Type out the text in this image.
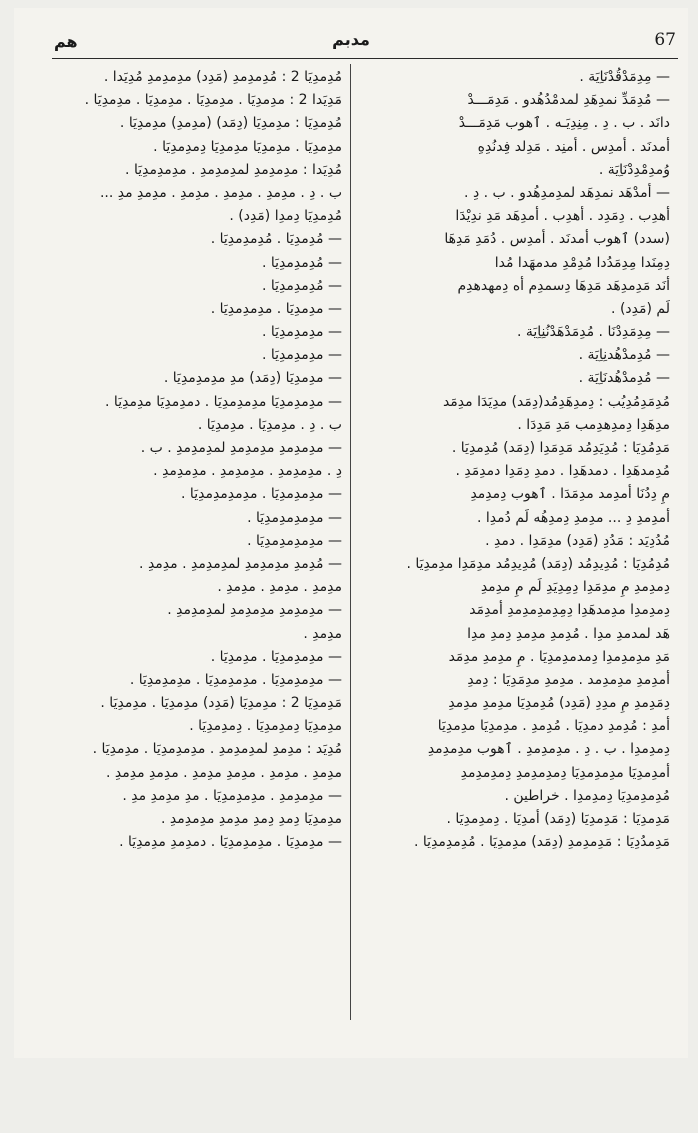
هم	مدبم	67
— مِدِمَدْقُدْنَاِيَة .
— مُدِمَدِّ نمدِهَدِ لمدمْدُهُدو . مَدِمَـــدْ
دانَد . ب . دِ . مِنِدِيَـه . ٱهوب مَدِمَـــدْ
أمدنَد . أمدِس . أمنِد . مَدِلد فِدنُدِهِ
وُمدِمْدِدْنَاِيَة .
— أمدْهَد نمدِهَد لمدِمدِهُدو . ب . دِ .
أهدِب . دِمَدِد . أهدِب . أمدِهَد مَدِ ندِيْدَا
(سدد) ٱهوب أمدنَد . أمدِس . دُمَدِ مَدِهَا
دِمِنَدا مِدِمَدُدا مُدِمْدِ مدمهَدا مُدا
أنَد مَدِمدِهَد مَدِهَا دِسمدِم أه دِمهدهدِم
لَم (مَدِد) .
— مِدِمَدِدْنَا . مُدِمَدْهَدْنُنِاِيَة .
— مُدِمدْهُدنِاِيَة .
— مُدِمدْهُدنَاِيَة .
مُدِمَدِمُدِيُب : دِمدِهَدِمُد(دِمَد) مدِيَدَا مدِمَد
مدِهَدِا دِمدِهدِمب مَدِ مَدِدَا .
مَدِمُدِيَا : مُدِيَدِمُد مَدِمَدِا (دِمَد) مُدِمدِيَا .
مُدِمدهَدِا . دمدهَدِا . دمدِ دِمَدِا دمدِمَدِ .
مِ دِدُنَا أمدِمد مدِمَدَا . ٱهوب دِمدِمدِ
أمدِمدِ دِ ... مدِمدِ دِمدِهُه لَم دُمدِا .
مُدُدِيَد : مَدُدِ (مَدِد) مدِمَدِا . دمدِ .
مُدِمُدِيَا : مُدِيدِمُد (دِمَد) مُدِيدِمُد مدِمَدِا مدِمدِيَا .
دِمدِمدِ مِ مدِمَدِا دِمِدِيَدِ لَم مِ مدِمدِ
دِمدِمدِا مدِمدهَدِا دِمِدِمدِمدِمدِ أمدِمَد
هَد لمدمدِ مدِا . مُدِمدِ مدِمدِ دِمدِ مدِا
مَدِ مدِمدِمدِا دِمدمدِمدِيَا . مِ مدِمدِ مدِمَد
أمدِمدِ مدِمدِمد . مدِمدِ مدِمَدِيَا : دِمدِ
دِمَدِمدِ مِ مدِدِ (مَدِد) مُدِمدِيَا مدِمدِ مدِمدِ
أمدِ : مُدِمدِ دمدِيَا . مُدِمدِ . مدِمدِيَا مدِمدِيَا
دِمدِمدِا . ب . دِ . مدِمدِمدِ . ٱهوب مدِمدِمدِ
أمدِمدِيَا مدِمدِمدِيَا دِمدِمدِمدِ دِمدِمدِمدِ
مُدِمدِمدِيَا دِمدِمدِا . خراطين .
مَدِمدِيَا : مَدِمدِيَا (دِمَد) أمدِيَا . دِمدِمدِيَا .
مَدِمدُدِيَا : مَدِمدِمدِ (دِمَد) مدِمدِيَا . مُدِمدِمدِيَا .
مُدِمدِيَا 2 : مُدِمدِمدِ (مَدِد) مدِمدِمدِ مُدِيَدا .
مَدِيَدا 2 : مدِمدِيَا . مدِمدِيَا . مدِمدِيَا . مدِمدِيَا .
مُدِمدِيَا : مدِمدِيَا (دِمَد) (مدِمدِ) مدِمدِيَا .
مدِمدِيَا . مدِمدِيَا مدِمدِيَا دِمدِمدِيَا .
مُدِيَدا : مدِمدِمدِ لمدِمدِمدِ . مدِمدِمدِيَا .
ب . دِ . مدِمدِ . مدِمدِ . مدِمدِ . مدِمدِ مدِ ...
مُدِمدِيَا دِمدِا (مَدِد) .
— مُدِمدِيَا . مُدِمدِمدِيَا .
— مُدِمدِمدِيَا .
— مُدِمدِمدِيَا .
— مدِمدِيَا . مدِمدِمدِيَا .
— مدِمدِمدِيَا .
— مدِمدِمدِيَا .
— مدِمدِيَا (دِمَد) مدِ مدِمدِمدِيَا .
— مدِمدِمدِيَا مدِمدِمدِيَا . دمدِمدِيَا مدِمدِيَا .
ب . دِ . مدِمدِيَا . مدِمدِيَا .
— مدِمدِمدِ مدِمدِمدِ لمدِمدِمدِ . ب .
دِ . مدِمدِمدِ . مدِمدِمدِ . مدِمدِمدِ .
— مدِمدِمدِيَا . مدِمدِمدِمدِيَا .
— مدِمدِمدِمدِيَا .
— مدِمدِمدِمدِيَا .
— مُدِمدِ مدِمدِمدِ لمدِمدِمدِ . مدِمدِ .
مدِمدِ . مدِمدِ . مدِمدِ .
— مدِمدِمدِ مدِمدِمدِ لمدِمدِمدِ .
مدِمدِ .
— مدِمدِمدِيَا . مدِمدِيَا .
— مدِمدِمدِيَا . مدِمدِمدِيَا . مدِمدِمدِيَا .
مَدِمدِيَا 2 : مدِمدِيَا (مَدِد) مدِمدِيَا . مدِمدِيَا .
مدِمدِيَا دِمدِمدِيَا . دِمدِمدِيَا .
مُدِيَد : مدِمدِ لمدِمدِمدِ . مدِمدِمدِيَا . مدِمدِيَا .
مدِمدِ . مدِمدِ . مدِمدِ مدِمدِ . مدِمدِ مدِمدِ .
— مدِمدِمدِ . مدِمدِمدِيَا . مدِ مدِمدِ مدِ .
مدِمدِيَا دِمدِ دِمدِ مدِمدِ مدِمدِمدِ .
— مدِمدِيَا . مدِمدِمدِيَا . دمدِمدِ مدِمدِيَا .
